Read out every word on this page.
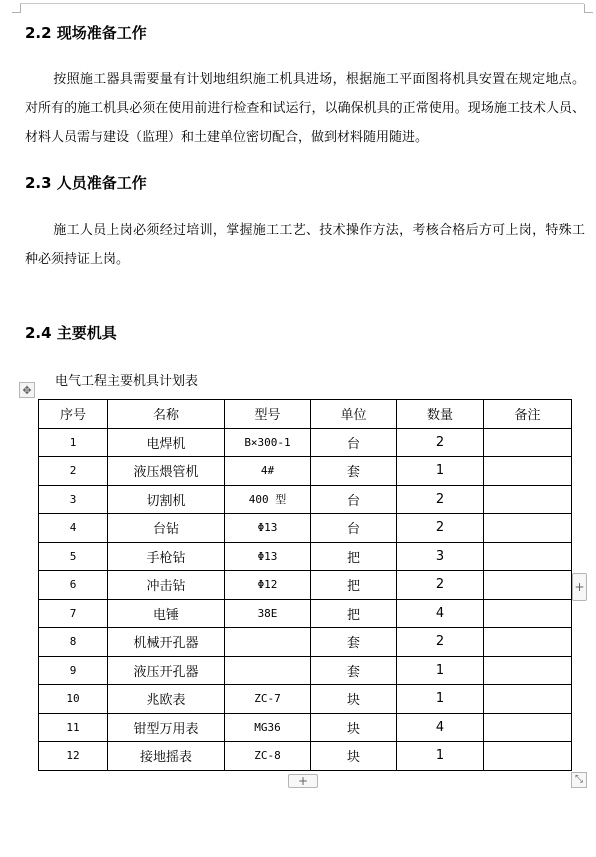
2.2 现场准备工作
按照施工器具需要量有计划地组织施工机具进场，根据施工平面图将机具安置在规定地点。对所有的施工机具必须在使用前进行检查和试运行，以确保机具的正常使用。现场施工技术人员、材料人员需与建设（监理）和土建单位密切配合，做到材料随用随进。
2.3 人员准备工作
施工人员上岗必须经过培训，掌握施工工艺、技术操作方法，考核合格后方可上岗，特殊工种必须持证上岗。
2.4 主要机具
✥
电气工程主要机具计划表
序号	名称	型号	单位	数量	备注
1	电焊机	B×300-1	台	2	
2	液压煨管机	4#	套	1	
3	切割机	400 型	台	2	
4	台钻	Φ13	台	2	
5	手枪钻	Φ13	把	3	
6	冲击钻	Φ12	把	2	
7	电锤	38E	把	4	
8	机械开孔器		套	2	
9	液压开孔器		套	1	
10	兆欧表	ZC-7	块	1	
11	钳型万用表	MG36	块	4	
12	接地摇表	ZC-8	块	1	
+
+	⤡
